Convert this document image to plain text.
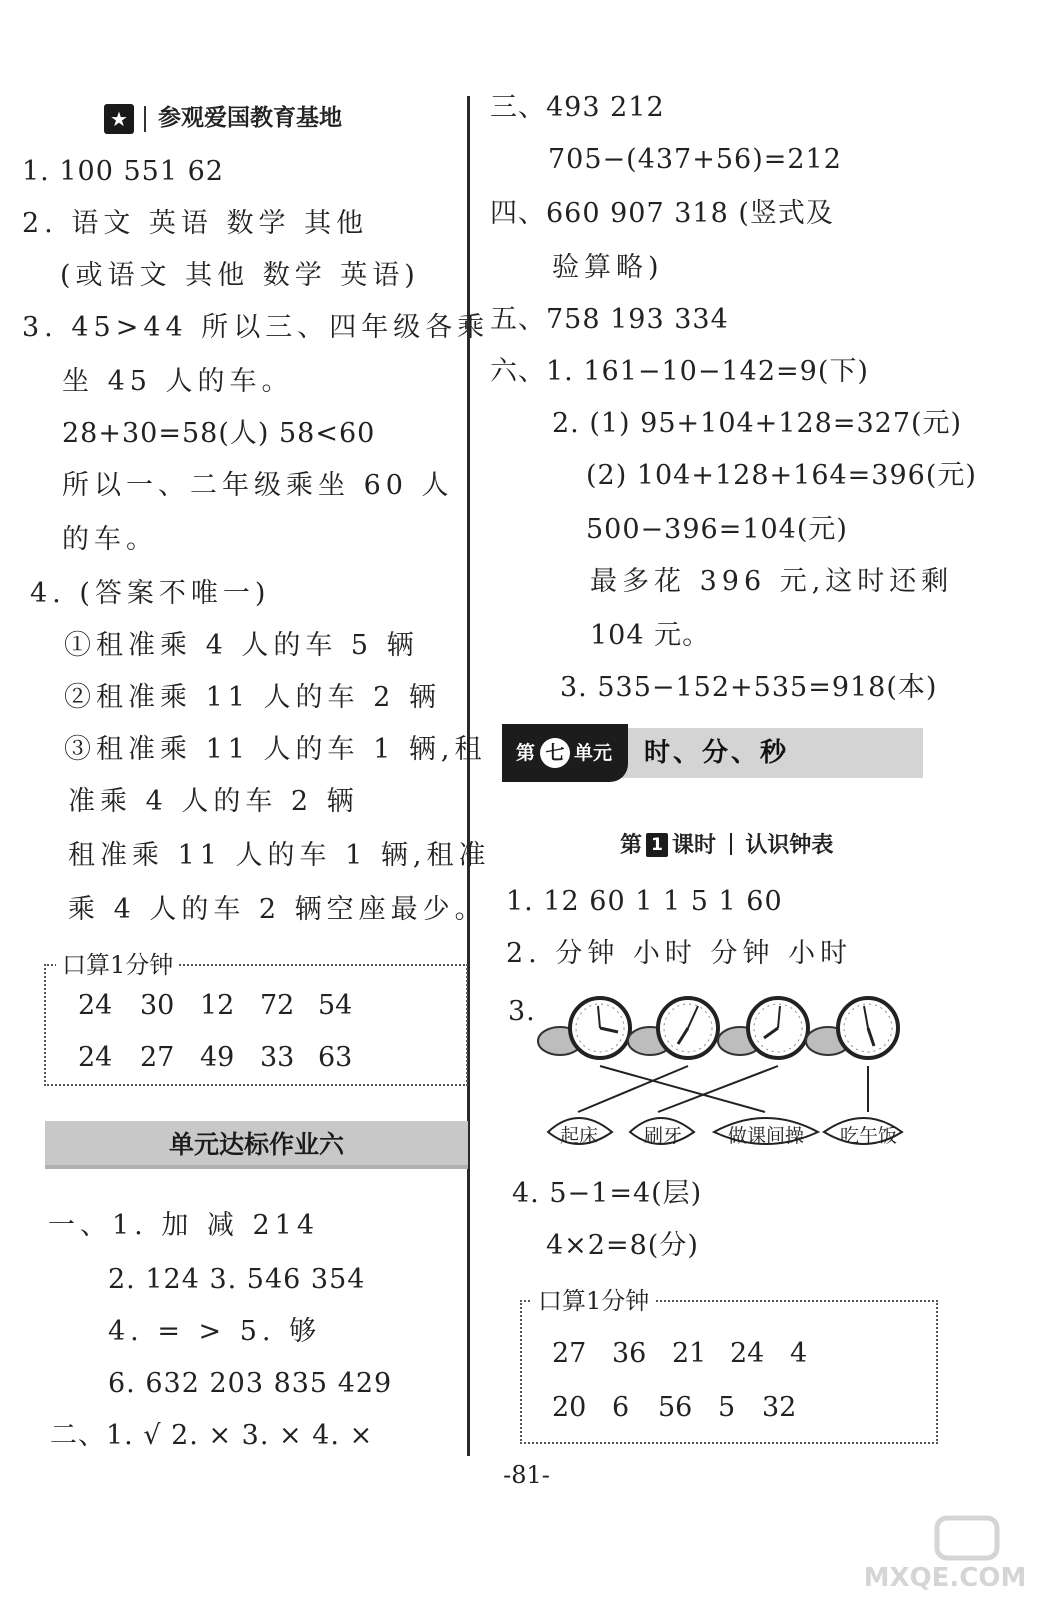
★ 参观爱国教育基地
1. 100 551 62
2. 语文 英语 数学 其他
(或语文 其他 数学 英语)
3. 45>44 所以三、四年级各乘
坐 45 人的车。
28+30=58(人) 58<60
所以一、二年级乘坐 60 人
的车。
4. (答案不唯一)
①租准乘 4 人的车 5 辆
②租准乘 11 人的车 2 辆
③租准乘 11 人的车 1 辆,租
准乘 4 人的车 2 辆
租准乘 11 人的车 1 辆,租准
乘 4 人的车 2 辆空座最少。
口算1分钟
24 30 12 72 54
24 27 49 33 63
单元达标作业六
一、1. 加 减 214
2. 124 3. 546 354
4. = > 5. 够
6. 632 203 835 429
二、1. √ 2. × 3. × 4. ×
三、493 212
705−(437+56)=212
四、660 907 318 (竖式及
验算略)
五、758 193 334
六、1. 161−10−142=9(下)
2. (1) 95+104+128=327(元)
(2) 104+128+164=396(元)
500−396=104(元)
最多花 396 元,这时还剩
104 元。
3. 535−152+535=918(本)
第 七 单元 时、分、秒
第 1 课时 认识钟表
1. 12 60 1 1 5 1 60
2. 分钟 小时 分钟 小时
3.
起床 刷牙 做课间操 吃午饭
4. 5−1=4(层)
4×2=8(分)
口算1分钟
27 36 21 24 4
20 6 56 5 32
-81-
MXQE.COM
